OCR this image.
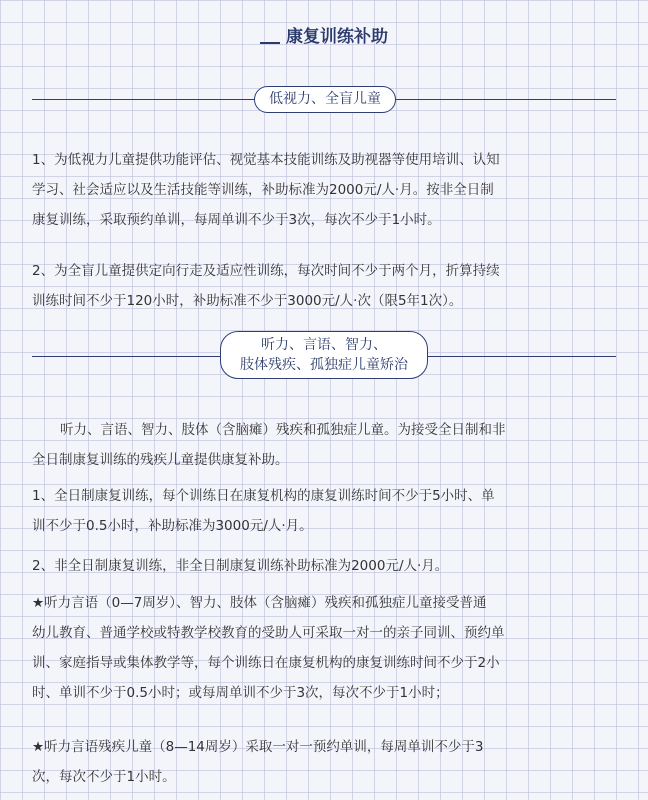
康复训练补助
低视力、全盲儿童
1、为低视力儿童提供功能评估、视觉基本技能训练及助视器等使用培训、认知
学习、社会适应以及生活技能等训练，补助标准为2000元/人·月。按非全日制
康复训练，采取预约单训，每周单训不少于3次，每次不少于1小时。
2、为全盲儿童提供定向行走及适应性训练，每次时间不少于两个月，折算持续
训练时间不少于120小时，补助标准不少于3000元/人·次（限5年1次）。
听力、言语、智力、
肢体残疾、孤独症儿童矫治
听力、言语、智力、肢体（含脑瘫）残疾和孤独症儿童。为接受全日制和非
全日制康复训练的残疾儿童提供康复补助。
1、全日制康复训练，每个训练日在康复机构的康复训练时间不少于5小时、单
训不少于0.5小时，补助标准为3000元/人·月。
2、非全日制康复训练，非全日制康复训练补助标准为2000元/人·月。
★听力言语（0—7周岁）、智力、肢体（含脑瘫）残疾和孤独症儿童接受普通
幼儿教育、普通学校或特教学校教育的受助人可采取一对一的亲子同训、预约单
训、家庭指导或集体教学等，每个训练日在康复机构的康复训练时间不少于2小
时、单训不少于0.5小时；或每周单训不少于3次，每次不少于1小时；
★听力言语残疾儿童（8—14周岁）采取一对一预约单训，每周单训不少于3
次，每次不少于1小时。
